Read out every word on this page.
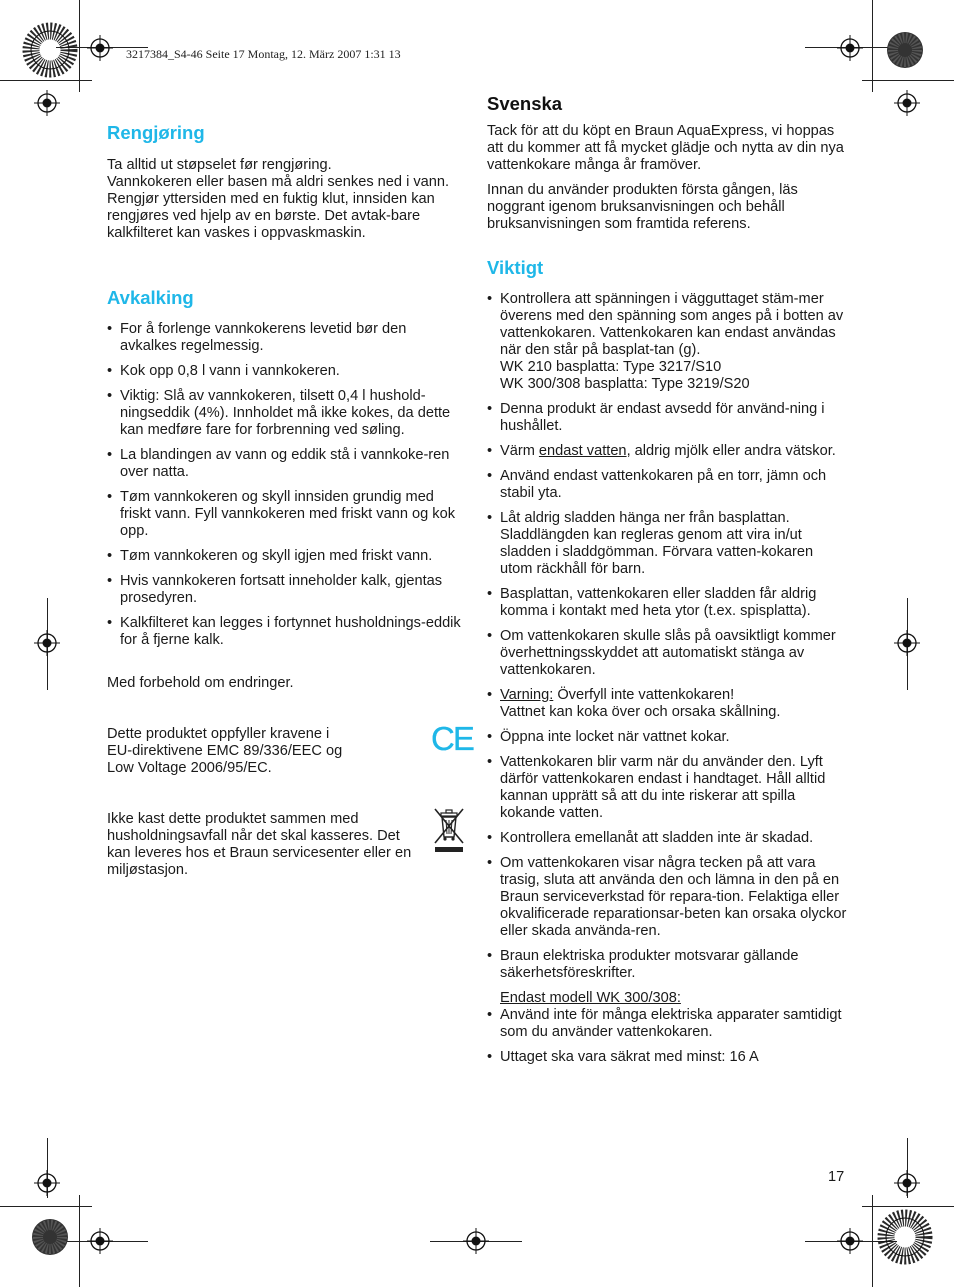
3217384_S4-46 Seite 17 Montag, 12. März 2007 1:31 13
Rengjøring

Ta alltid ut støpselet før rengjøring.
Vannkokeren eller basen må aldri senkes ned i vann.

Rengjør yttersiden med en fuktig klut, innsiden kan rengjøres ved hjelp av en børste. Det avtak-bare kalkfilteret kan vaskes i oppvaskmaskin.

Avkalking
• For å forlenge vannkokerens levetid bør den avkalkes regelmessig.
• Kok opp 0,8 l vann i vannkokeren.
• Viktig: Slå av vannkokeren, tilsett 0,4 l hushold-ningseddik (4%). Innholdet må ikke kokes, da dette kan medføre fare for forbrenning ved søling.
• La blandingen av vann og eddik stå i vannkoke-ren over natta.
• Tøm vannkokeren og skyll innsiden grundig med friskt vann. Fyll vannkokeren med friskt vann og kok opp.
• Tøm vannkokeren og skyll igjen med friskt vann.
• Hvis vannkokeren fortsatt inneholder kalk, gjentas prosedyren.
• Kalkfilteret kan legges i fortynnet husholdnings-eddik for å fjerne kalk.

Med forbehold om endringer.

Dette produktet oppfyller kravene i
EU-direktivene EMC 89/336/EEC og
Low Voltage 2006/95/EC.

CE

Ikke kast dette produktet sammen med husholdningsavfall når det skal kasseres. Det kan leveres hos et Braun servicesenter eller en miljøstasjon.

Svenska

Tack för att du köpt en Braun AquaExpress, vi hoppas att du kommer att få mycket glädje och nytta av din nya vattenkokare många år framöver.

Innan du använder produkten första gången, läs noggrant igenom bruksanvisningen och behåll bruksanvisningen som framtida referens.

Viktigt
• Kontrollera att spänningen i vägguttaget stäm-mer överens med den spänning som anges på i botten av vattenkokaren. Vattenkokaren kan endast användas när den står på basplat-tan (g).
WK 210 basplatta: Type 3217/S10
WK 300/308 basplatta: Type 3219/S20
• Denna produkt är endast avsedd för använd-ning i hushållet.
• Värm endast vatten, aldrig mjölk eller andra vätskor.
• Använd endast vattenkokaren på en torr, jämn och stabil yta.
• Låt aldrig sladden hänga ner från basplattan. Sladdlängden kan regleras genom att vira in/ut sladden i sladdgömman. Förvara vatten-kokaren utom räckhåll för barn.
• Basplattan, vattenkokaren eller sladden får aldrig komma i kontakt med heta ytor (t.ex. spisplatta).
• Om vattenkokaren skulle slås på oavsiktligt kommer överhettningsskyddet att automatiskt stänga av vattenkokaren.
• Varning: Överfyll inte vattenkokaren!
Vattnet kan koka över och orsaka skållning.
• Öppna inte locket när vattnet kokar.
• Vattenkokaren blir varm när du använder den. Lyft därför vattenkokaren endast i handtaget. Håll alltid kannan upprätt så att du inte riskerar att spilla kokande vatten.
• Kontrollera emellanåt att sladden inte är skadad.
• Om vattenkokaren visar några tecken på att vara trasig, sluta att använda den och lämna in den på en Braun serviceverkstad för repara-tion. Felaktiga eller okvalificerade reparationsar-beten kan orsaka olyckor eller skada använda-ren.
• Braun elektriska produkter motsvarar gällande säkerhetsföreskrifter.
Endast modell WK 300/308:
• Använd inte för många elektriska apparater samtidigt som du använder vattenkokaren.
• Uttaget ska vara säkrat med minst: 16 A
17
